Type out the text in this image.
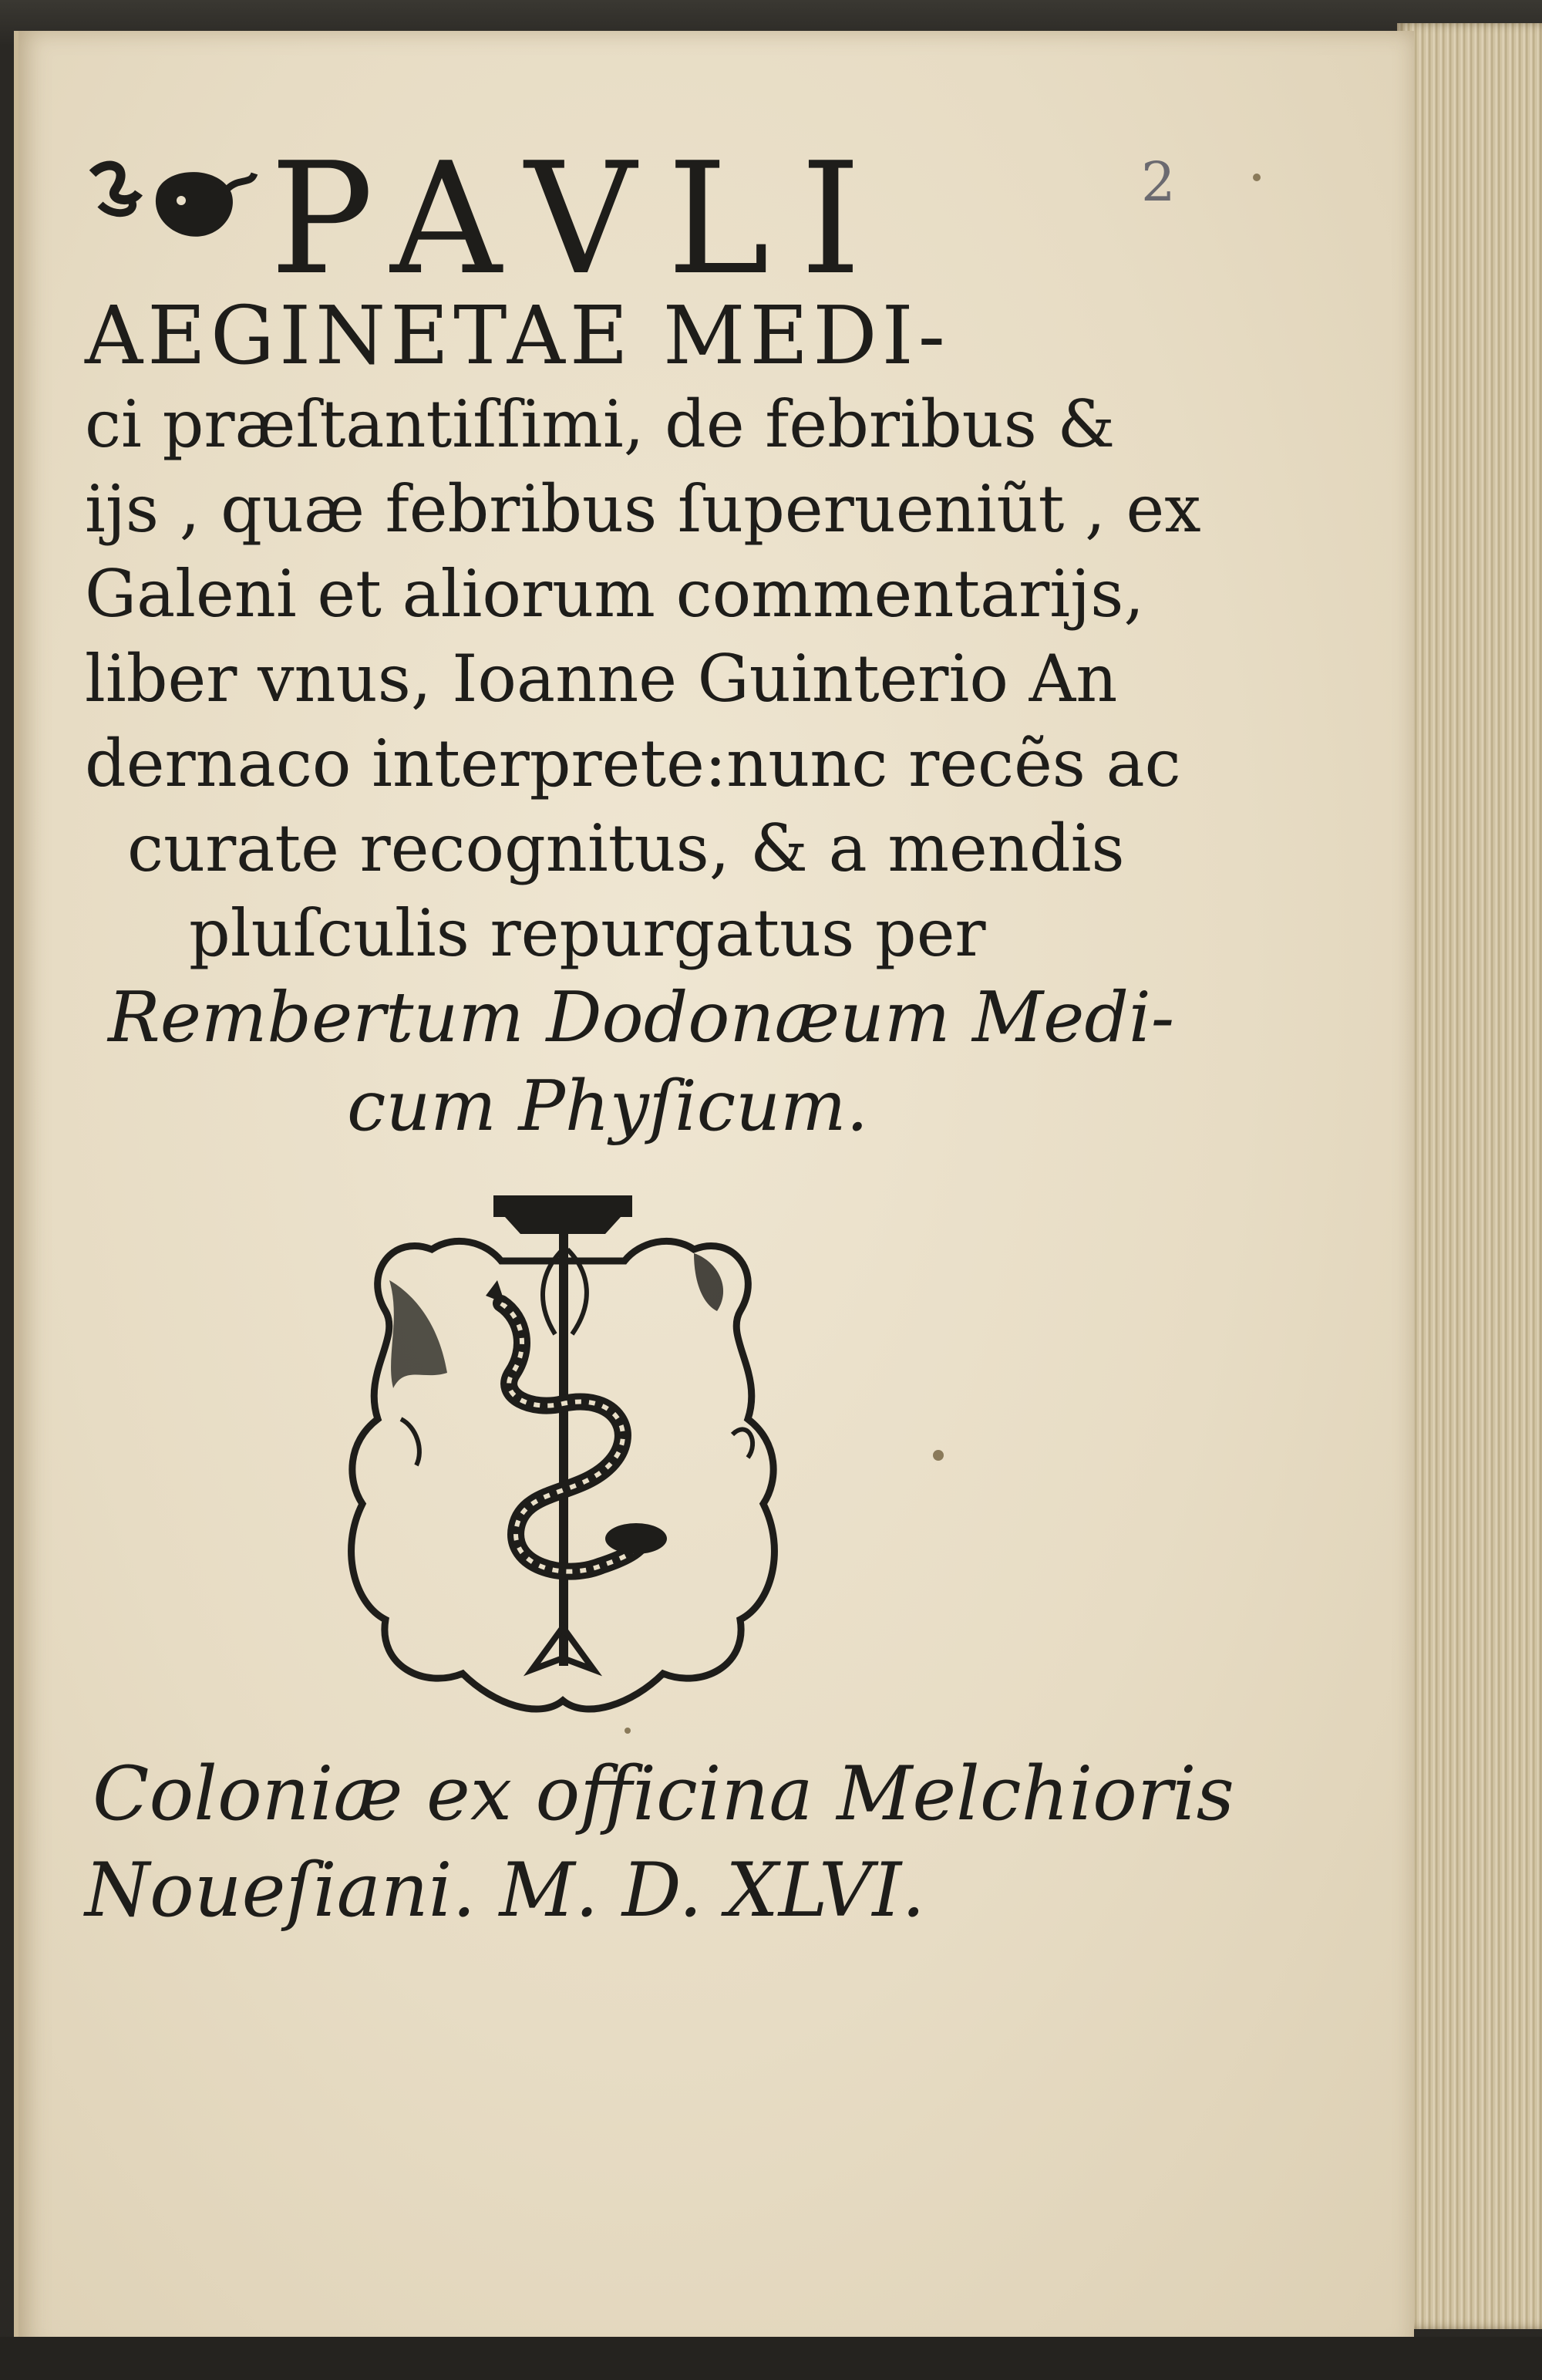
2
PAVLI
AEGINETAE MEDI-
ci præſtantiſſimi, de febribus &
ijs , quæ febribus ſuperueniũt , ex
Galeni et aliorum commentarijs,
liber vnus, Ioanne Guinterio An
dernaco interprete:nunc recẽs ac
curate recognitus, & a mendis
pluſculis repurgatus per
Rembertum Dodonæum Medi-
cum Phyſicum.
Coloniæ ex officina Melchioris
Noueſiani. M. D. XLVI.
